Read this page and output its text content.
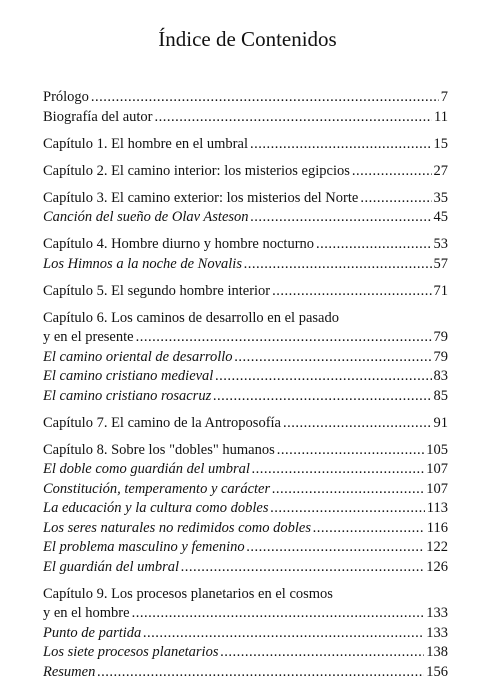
Índice de Contenidos
Prólogo .....	7
Biografía del autor .....	11
Capítulo 1. El hombre en el umbral .....	15
Capítulo 2. El camino interior: los misterios egipcios .....	27
Capítulo 3. El camino exterior: los misterios del Norte .....	35
Canción del sueño de Olav Asteson .....	45
Capítulo 4. Hombre diurno y hombre nocturno .....	53
Los Himnos a la noche de Novalis .....	57
Capítulo 5. El segundo hombre interior .....	71
Capítulo 6. Los caminos de desarrollo en el pasado
y en el presente .....	79
El camino oriental de desarrollo .....	79
El camino cristiano medieval .....	83
El camino cristiano rosacruz .....	85
Capítulo 7. El camino de la Antroposofía .....	91
Capítulo 8. Sobre los "dobles" humanos .....	105
El doble como guardián del umbral .....	107
Constitución, temperamento y carácter .....	107
La educación y la cultura como dobles .....	113
Los seres naturales no redimidos como dobles .....	116
El problema masculino y femenino .....	122
El guardián del umbral .....	126
Capítulo 9. Los procesos planetarios en el cosmos
y en el hombre .....	133
Punto de partida .....	133
Los siete procesos planetarios .....	138
Resumen .....	156
